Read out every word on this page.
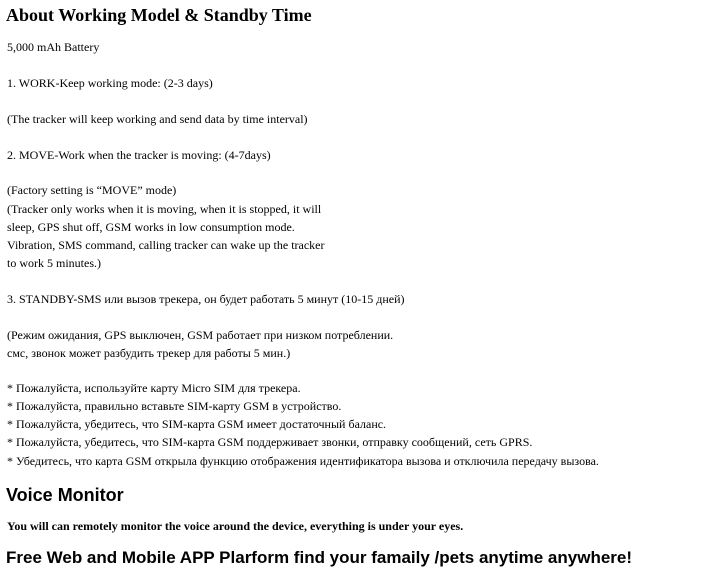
About Working Model & Standby Time
5,000 mAh Battery
1. WORK-Keep working mode: (2-3 days)
(The tracker will keep working and send data by time interval)
2. MOVE-Work when the tracker is moving: (4-7days)
(Factory setting is “MOVE” mode)
(Tracker only works when it is moving, when it is stopped, it will
sleep, GPS shut off, GSM works in low consumption mode.
Vibration, SMS command, calling tracker can wake up the tracker
to work 5 minutes.)
3. STANDBY-SMS или вызов трекера, он будет работать 5 минут (10-15 дней)
(Режим ожидания, GPS выключен, GSM работает при низком потреблении.
смс, звонок может разбудить трекер для работы 5 мин.)
* Пожалуйста, используйте карту Micro SIM для трекера.
* Пожалуйста, правильно вставьте SIM-карту GSM в устройство.
* Пожалуйста, убедитесь, что SIM-карта GSM имеет достаточный баланс.
* Пожалуйста, убедитесь, что SIM-карта GSM поддерживает звонки, отправку сообщений, сеть GPRS.
* Убедитесь, что карта GSM открыла функцию отображения идентификатора вызова и отключила передачу вызова.
Voice Monitor
You will can remotely monitor the voice around the device, everything is under your eyes.
Free Web and Mobile APP Plarform find your famaily /pets anytime anywhere!
